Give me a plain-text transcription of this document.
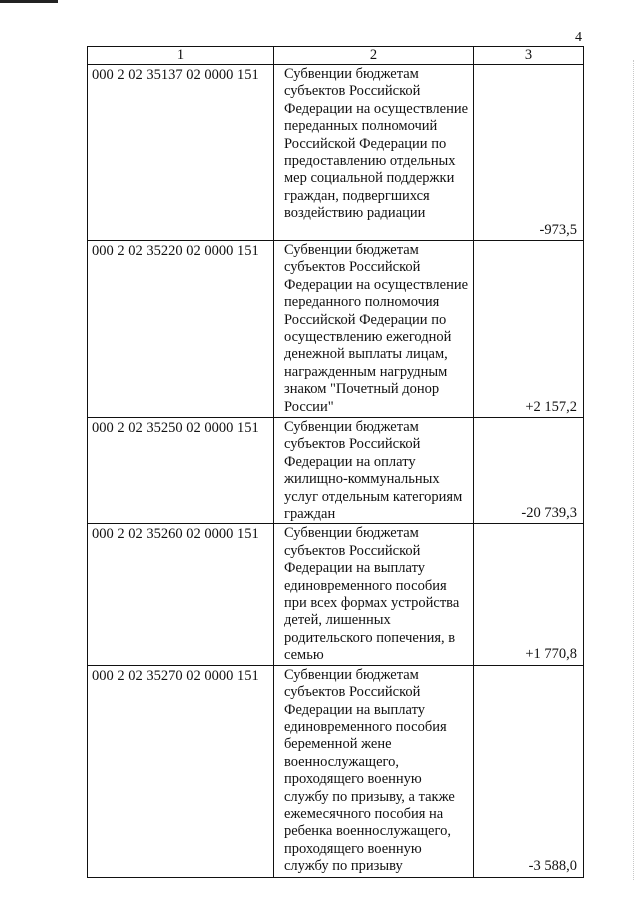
4
1	2	3

000 2 02 35137 02 0000 151	Субвенции бюджетам субъектов Российской Федерации на осуществление переданных полномочий Российской Федерации по предоставлению отдельных мер социальной поддержки граждан, подвергшихся воздействию радиации	-973,5

000 2 02 35220 02 0000 151	Субвенции бюджетам субъектов Российской Федерации на осуществление переданного полномочия Российской Федерации по осуществлению ежегодной денежной выплаты лицам, награжденным нагрудным знаком "Почетный донор России"	+2 157,2

000 2 02 35250 02 0000 151	Субвенции бюджетам субъектов Российской Федерации на оплату жилищно-коммунальных услуг отдельным категориям граждан	-20 739,3

000 2 02 35260 02 0000 151	Субвенции бюджетам субъектов Российской Федерации на выплату единовременного пособия при всех формах устройства детей, лишенных родительского попечения, в семью	+1 770,8

000 2 02 35270 02 0000 151	Субвенции бюджетам субъектов Российской Федерации на выплату единовременного пособия беременной жене военнослужащего, проходящего военную службу по призыву, а также ежемесячного пособия на ребенка военнослужащего, проходящего военную службу по призыву	-3 588,0
